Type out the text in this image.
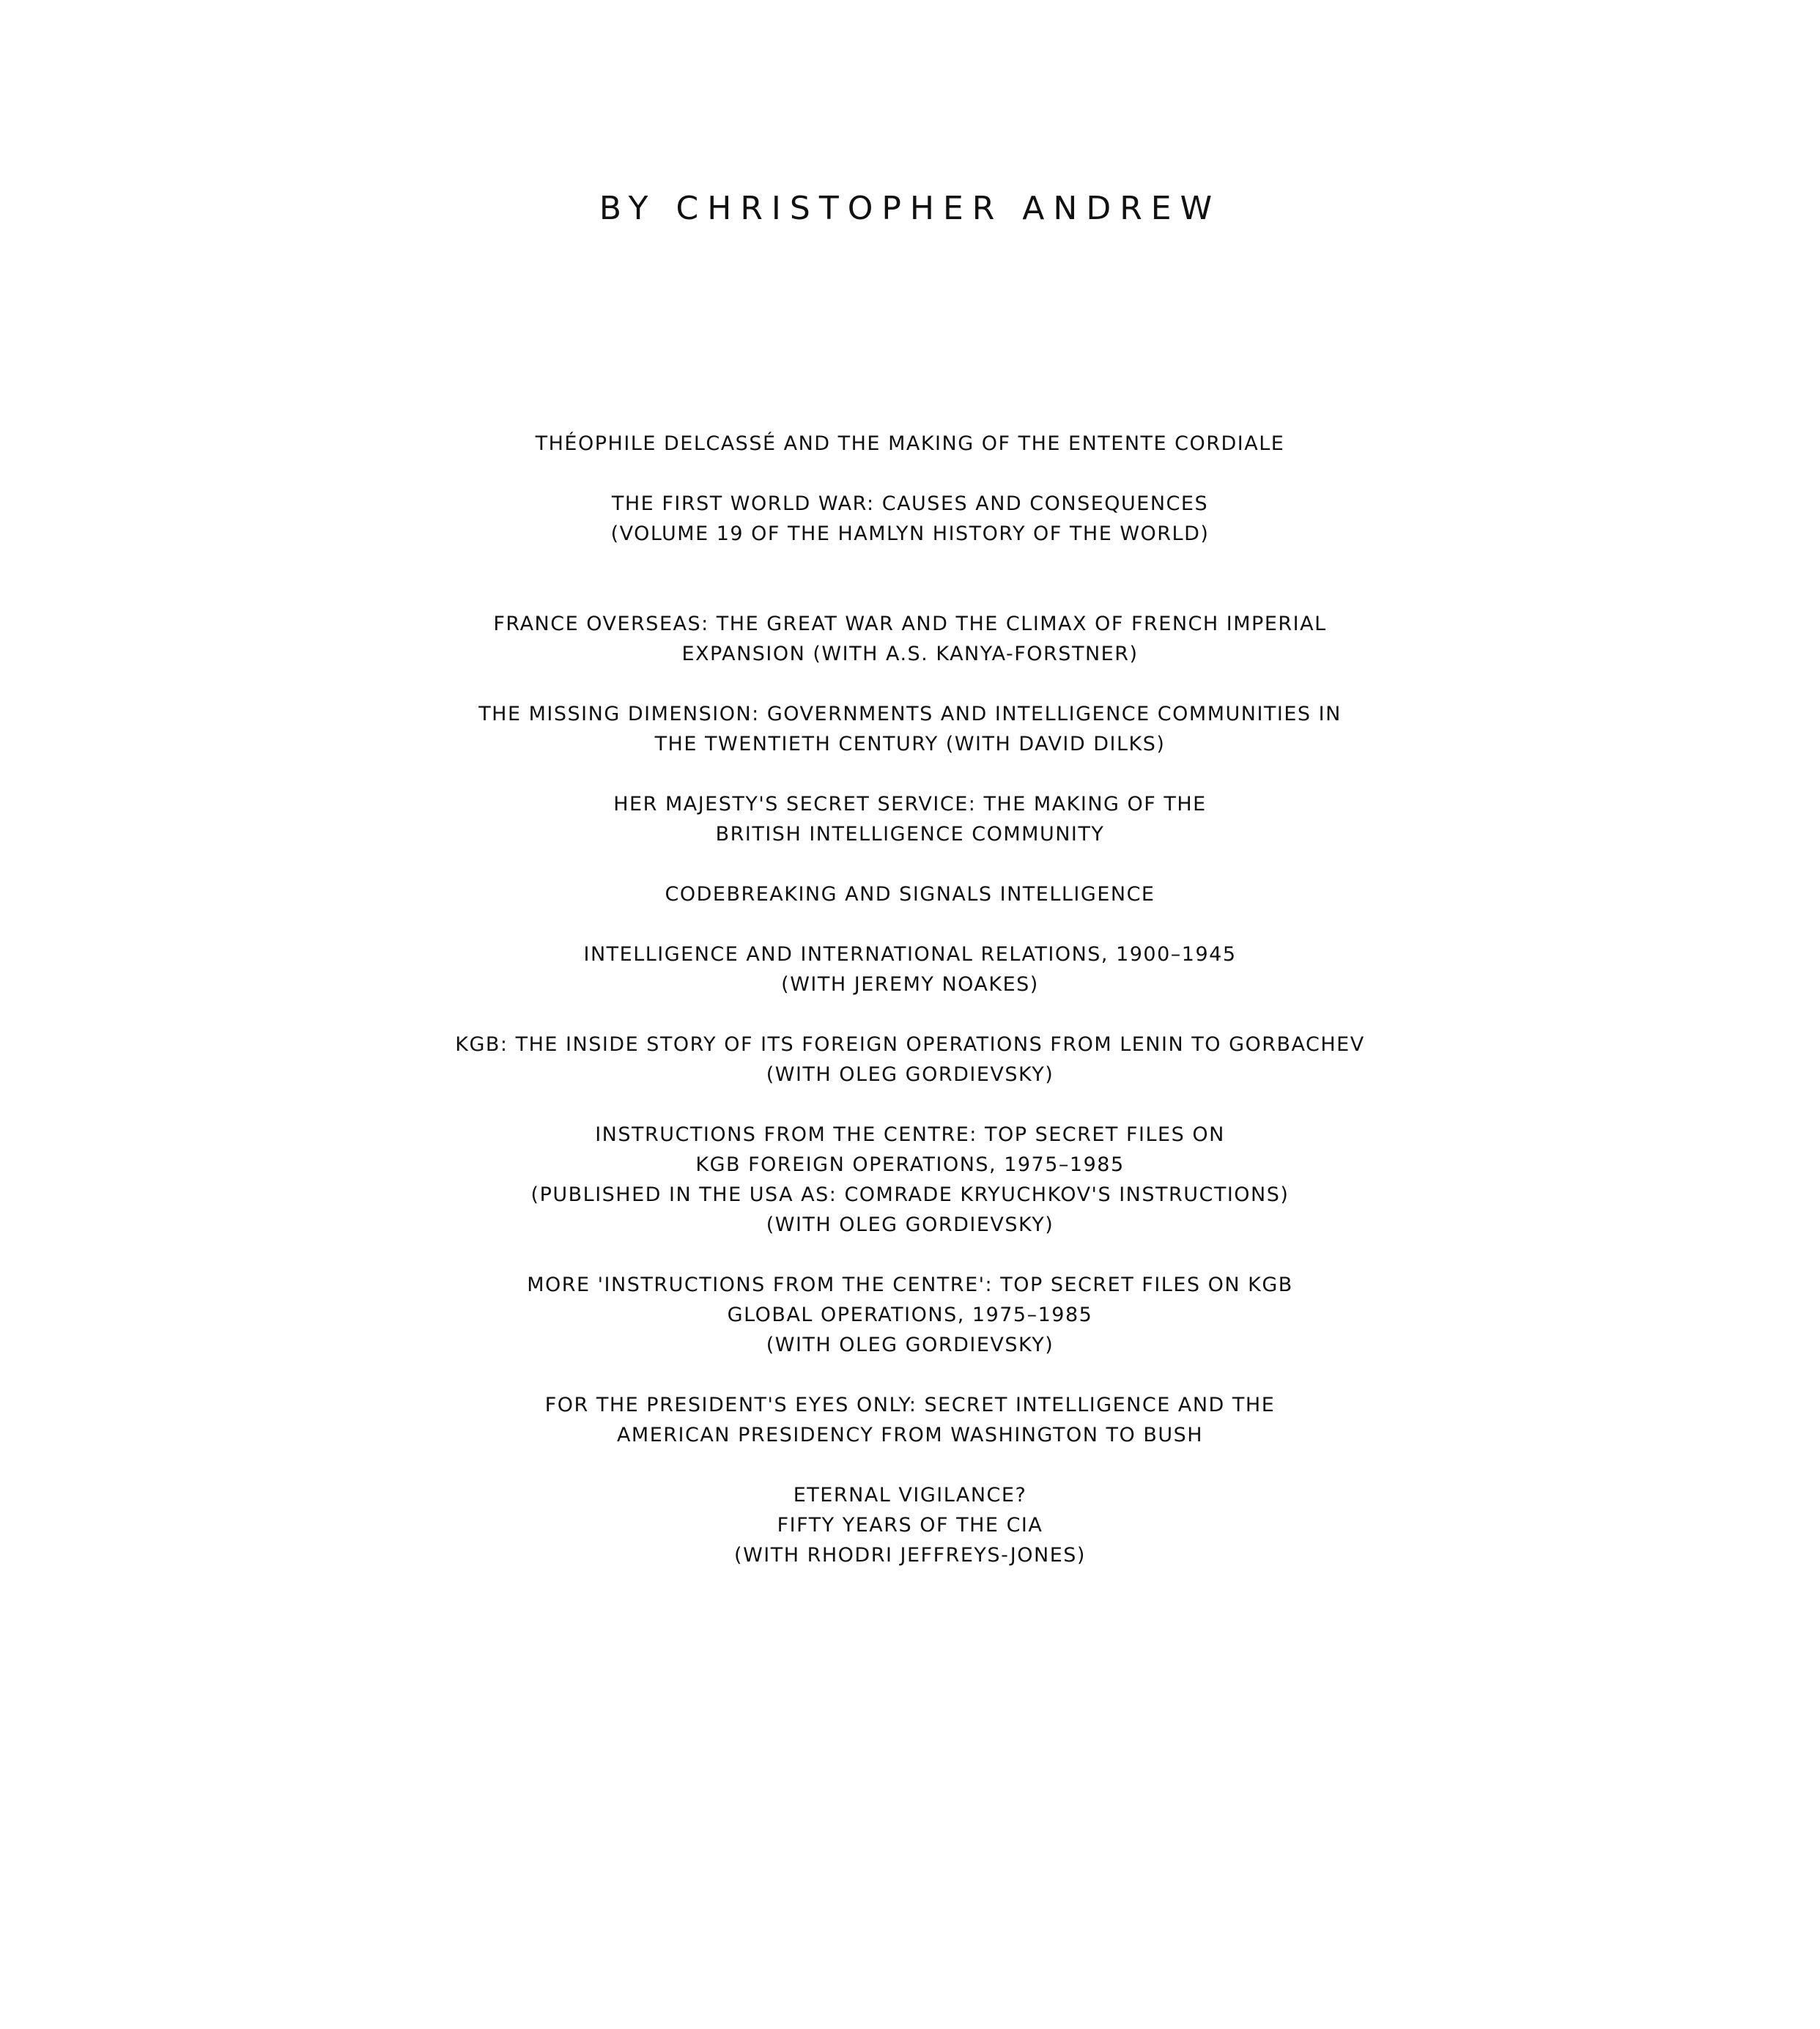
BY CHRISTOPHER ANDREW
THÉOPHILE DELCASSÉ AND THE MAKING OF THE ENTENTE CORDIALE
THE FIRST WORLD WAR: CAUSES AND CONSEQUENCES
(VOLUME 19 OF THE HAMLYN HISTORY OF THE WORLD)
FRANCE OVERSEAS: THE GREAT WAR AND THE CLIMAX OF FRENCH IMPERIAL
EXPANSION (WITH A.S. KANYA-FORSTNER)
THE MISSING DIMENSION: GOVERNMENTS AND INTELLIGENCE COMMUNITIES IN
THE TWENTIETH CENTURY (WITH DAVID DILKS)
HER MAJESTY'S SECRET SERVICE: THE MAKING OF THE
BRITISH INTELLIGENCE COMMUNITY
CODEBREAKING AND SIGNALS INTELLIGENCE
INTELLIGENCE AND INTERNATIONAL RELATIONS, 1900–1945
(WITH JEREMY NOAKES)
KGB: THE INSIDE STORY OF ITS FOREIGN OPERATIONS FROM LENIN TO GORBACHEV
(WITH OLEG GORDIEVSKY)
INSTRUCTIONS FROM THE CENTRE: TOP SECRET FILES ON
KGB FOREIGN OPERATIONS, 1975–1985
(PUBLISHED IN THE USA AS: COMRADE KRYUCHKOV'S INSTRUCTIONS)
(WITH OLEG GORDIEVSKY)
MORE 'INSTRUCTIONS FROM THE CENTRE': TOP SECRET FILES ON KGB
GLOBAL OPERATIONS, 1975–1985
(WITH OLEG GORDIEVSKY)
FOR THE PRESIDENT'S EYES ONLY: SECRET INTELLIGENCE AND THE
AMERICAN PRESIDENCY FROM WASHINGTON TO BUSH
ETERNAL VIGILANCE?
FIFTY YEARS OF THE CIA
(WITH RHODRI JEFFREYS-JONES)
